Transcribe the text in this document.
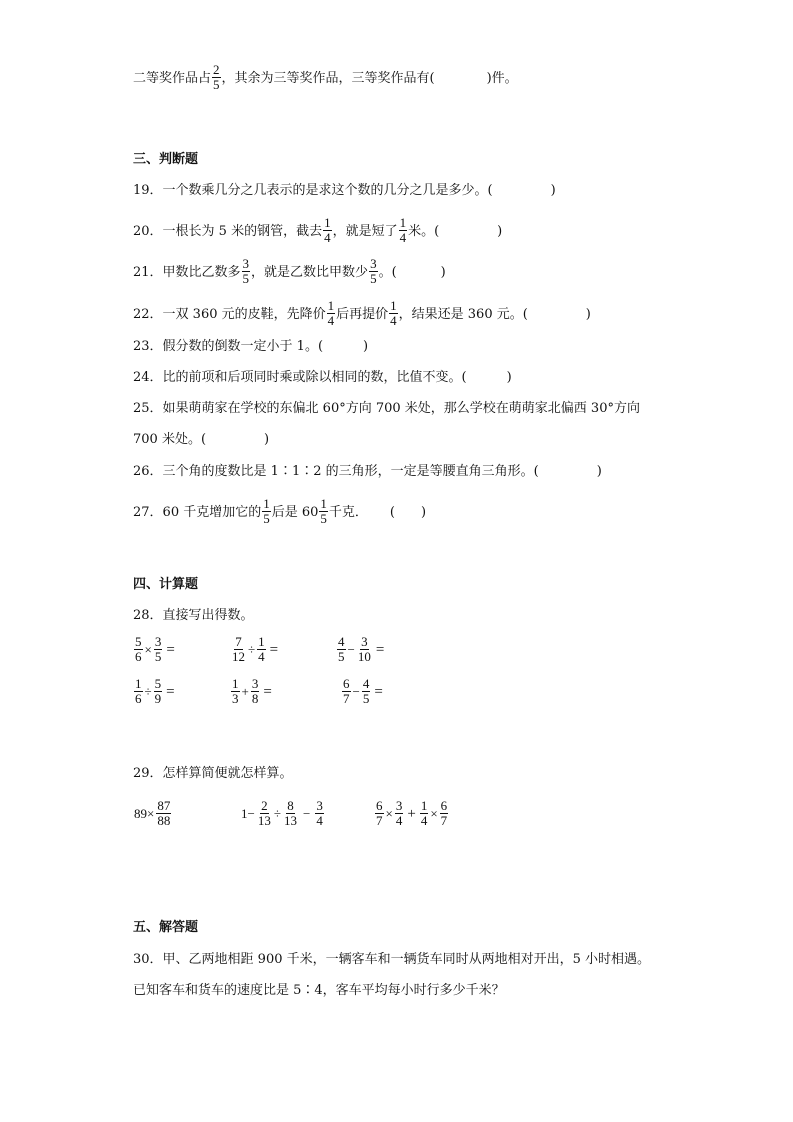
二等奖作品占 $\frac{2}{5}$ ，其余为三等奖作品，三等奖作品有(	)件。
三、判断题
19．一个数乘几分之几表示的是求这个数的几分之几是多少。(	)
20．一根长为 5 米的钢管，截去 $\frac{1}{4}$ ，就是短了 $\frac{1}{4}$ 米。(	)
21．甲数比乙数多 $\frac{3}{5}$ ，就是乙数比甲数少 $\frac{3}{5}$ 。(	)
22．一双 360 元的皮鞋，先降价 $\frac{1}{4}$ 后再提价 $\frac{1}{4}$ ，结果还是 360 元。(	)
23．假分数的倒数一定小于 1。(	)
24．比的前项和后项同时乘或除以相同的数，比值不变。(	)
25．如果萌萌家在学校的东偏北 60°方向 700 米处，那么学校在萌萌家北偏西 30°方向
700 米处。(	)
26．三个角的度数比是 1∶1∶2 的三角形，一定是等腰直角三角形。(	)
27．60 千克增加它的 $\frac{1}{5}$ 后是 $60 \frac{1}{5}$ 千克． ( )
四、计算题
28．直接写出得数。
$\frac{5}{6} \times \frac{3}{5}$ =	$\frac{7}{12} \div \frac{1}{4}$ =	$\frac{4}{5} - \frac{3}{10}$ =
$\frac{1}{6} \div \frac{5}{9}$ =	$\frac{1}{3} + \frac{3}{8}$ =	$\frac{6}{7} - \frac{4}{5}$ =
29．怎样算简便就怎样算。
$89\times \frac{87}{88}$	$1- \frac{2}{13} \div \frac{8}{13} - \frac{3}{4}$	$\frac{6}{7} \times \frac{3}{4} + \frac{1}{4} \times \frac{6}{7}$
五、解答题
30．甲、乙两地相距 900 千米，一辆客车和一辆货车同时从两地相对开出，5 小时相遇。
已知客车和货车的速度比是 5∶4，客车平均每小时行多少千米？
